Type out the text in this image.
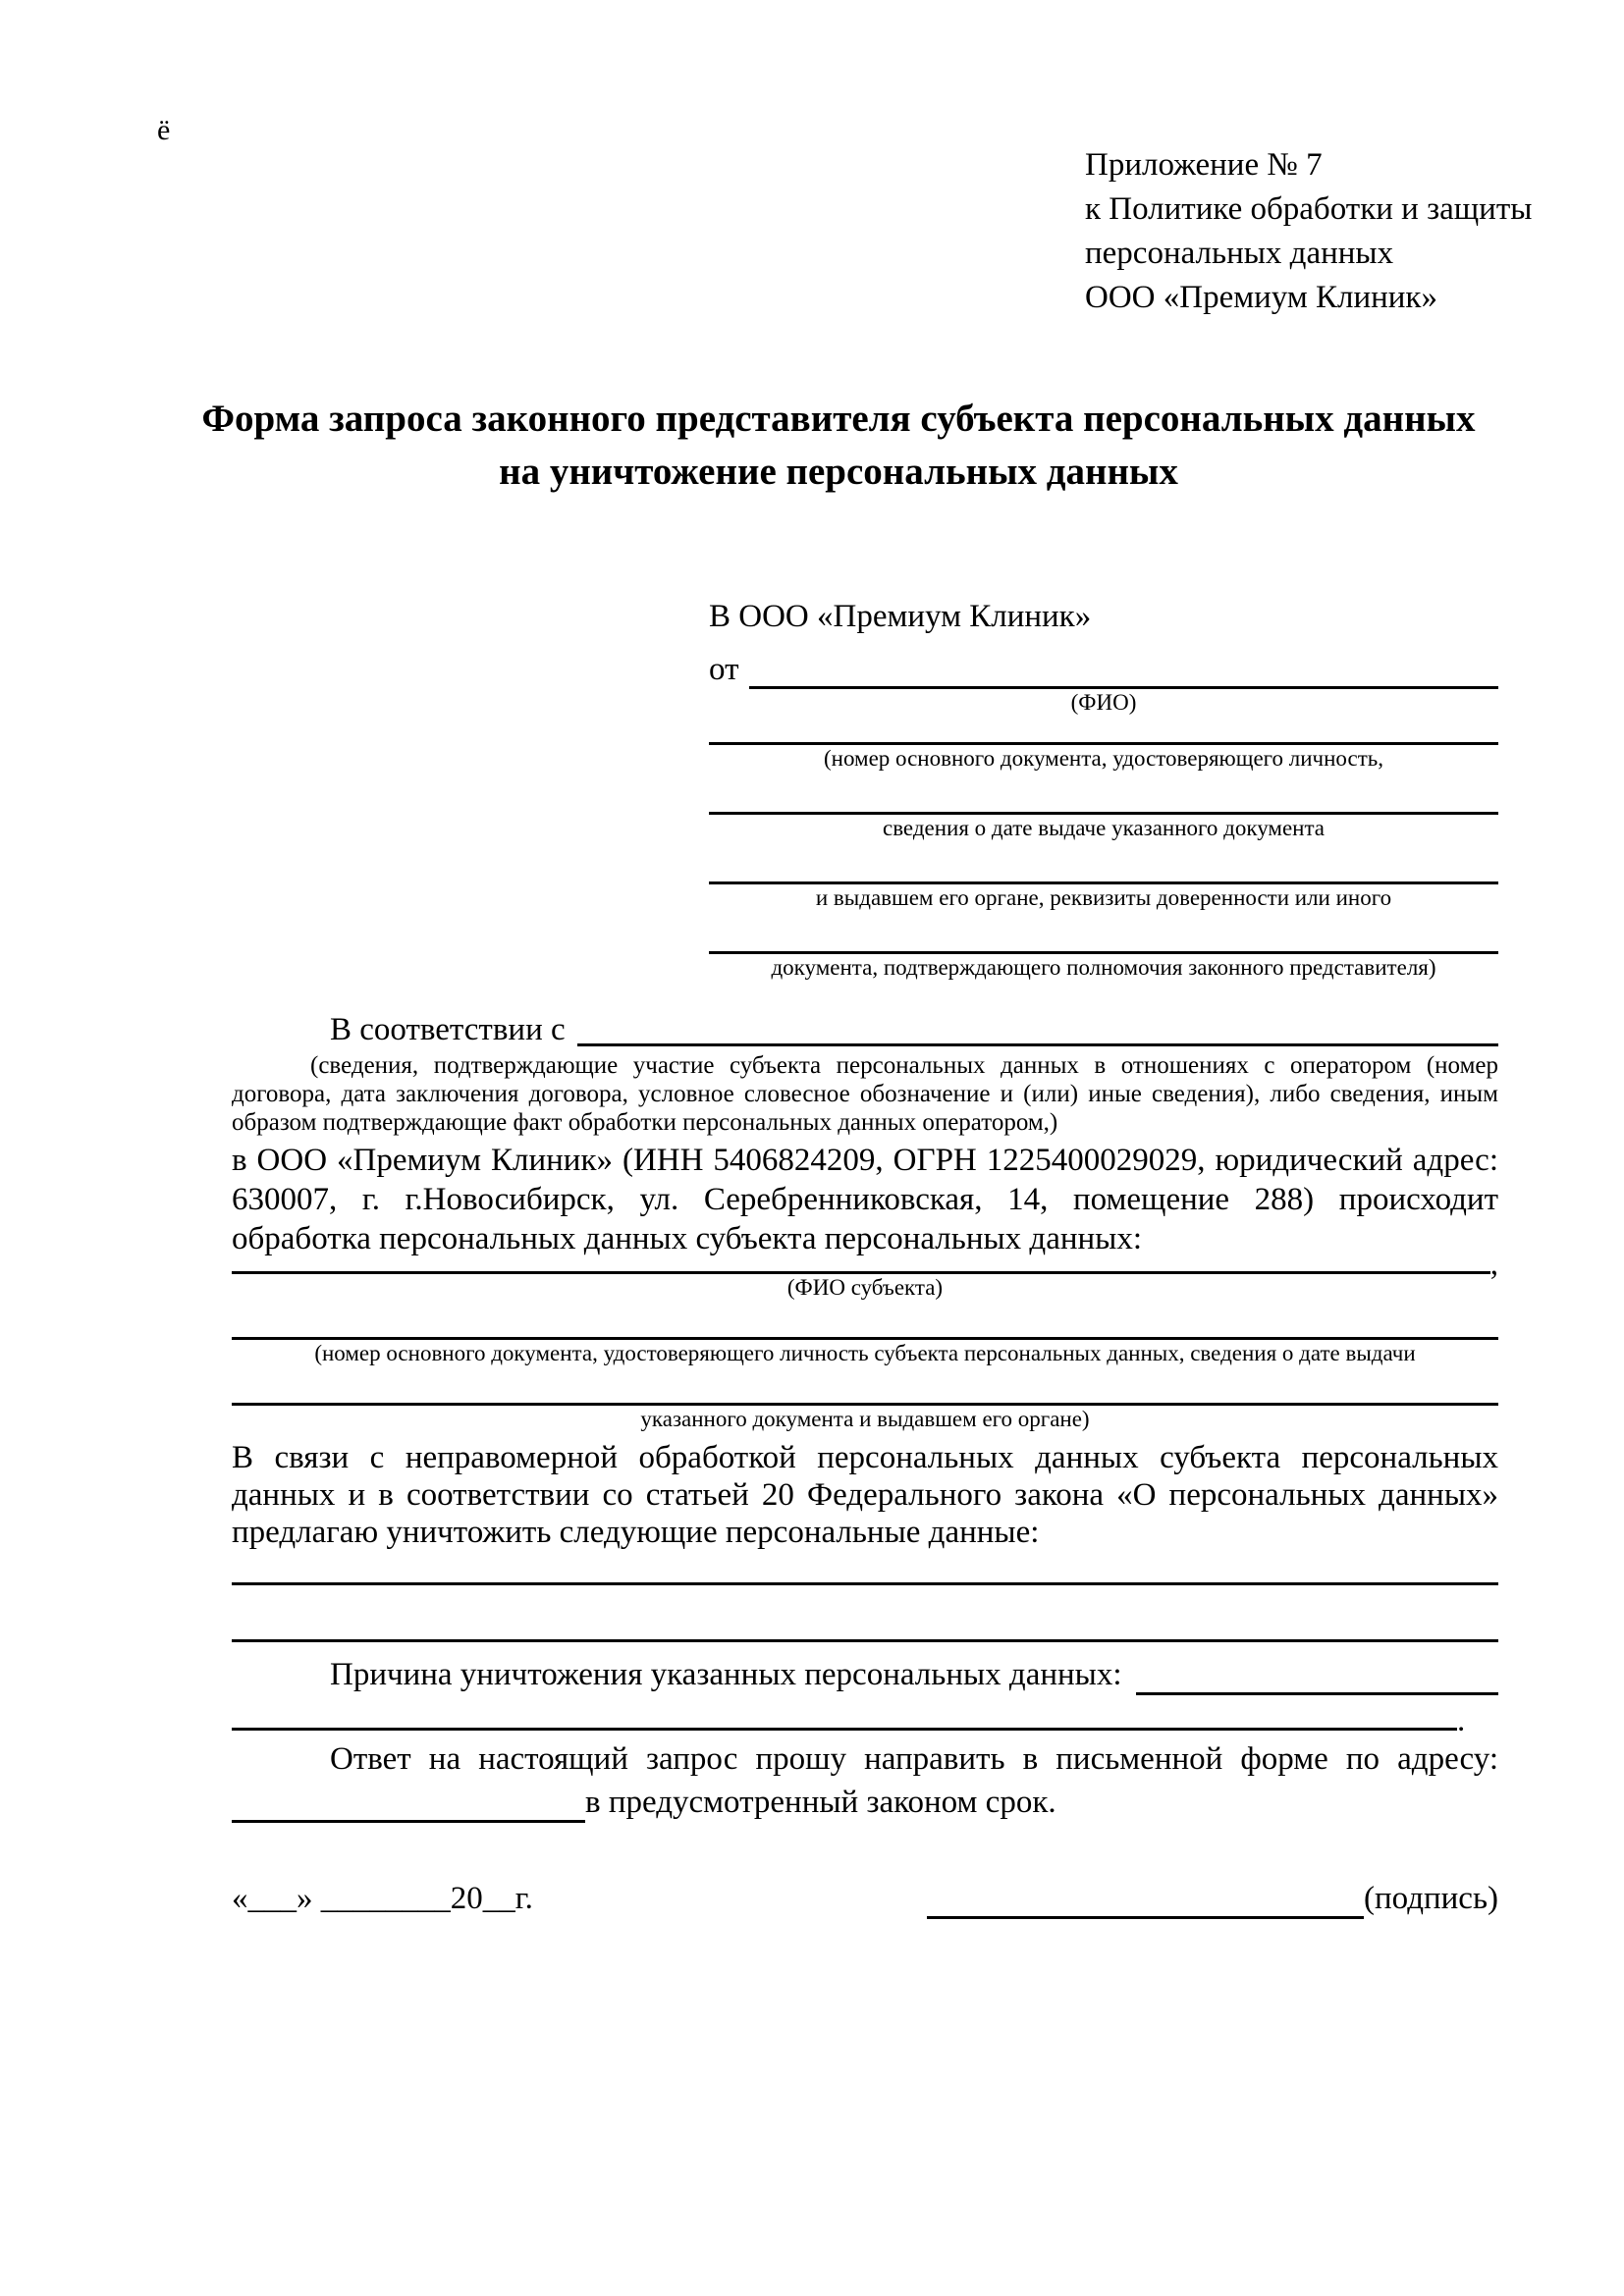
ё
Приложение № 7
к Политике обработки и защиты
персональных данных
ООО «Премиум Клиник»
Форма запроса законного представителя субъекта персональных данных
на уничтожение персональных данных
В ООО «Премиум Клиник»
от
(ФИО)
(номер основного документа, удостоверяющего личность,
сведения о дате выдаче указанного документа
и выдавшем его органе, реквизиты доверенности или иного
документа, подтверждающего полномочия законного представителя)
В соответствии с
(сведения, подтверждающие участие субъекта персональных данных в отношениях с оператором (номер договора, дата заключения договора, условное словесное обозначение и (или) иные сведения), либо сведения, иным образом подтверждающие факт обработки персональных данных оператором,)
в ООО «Премиум Клиник» (ИНН 5406824209, ОГРН 1225400029029, юридический адрес: 630007, г. г.Новосибирск, ул. Серебренниковская, 14, помещение 288) происходит обработка персональных данных субъекта персональных данных:
,
(ФИО субъекта)
(номер основного документа, удостоверяющего личность субъекта персональных данных, сведения о дате выдачи
указанного документа и выдавшем его органе)
В связи с неправомерной обработкой персональных данных субъекта персональных данных и в соответствии со статьей 20 Федерального закона «О персональных данных» предлагаю уничтожить следующие персональные данные:
Причина уничтожения указанных персональных данных:
.
Ответ на настоящий запрос прошу направить в письменной форме по адресу:
в предусмотренный законом срок.
«___» ________20__г.	(подпись)
